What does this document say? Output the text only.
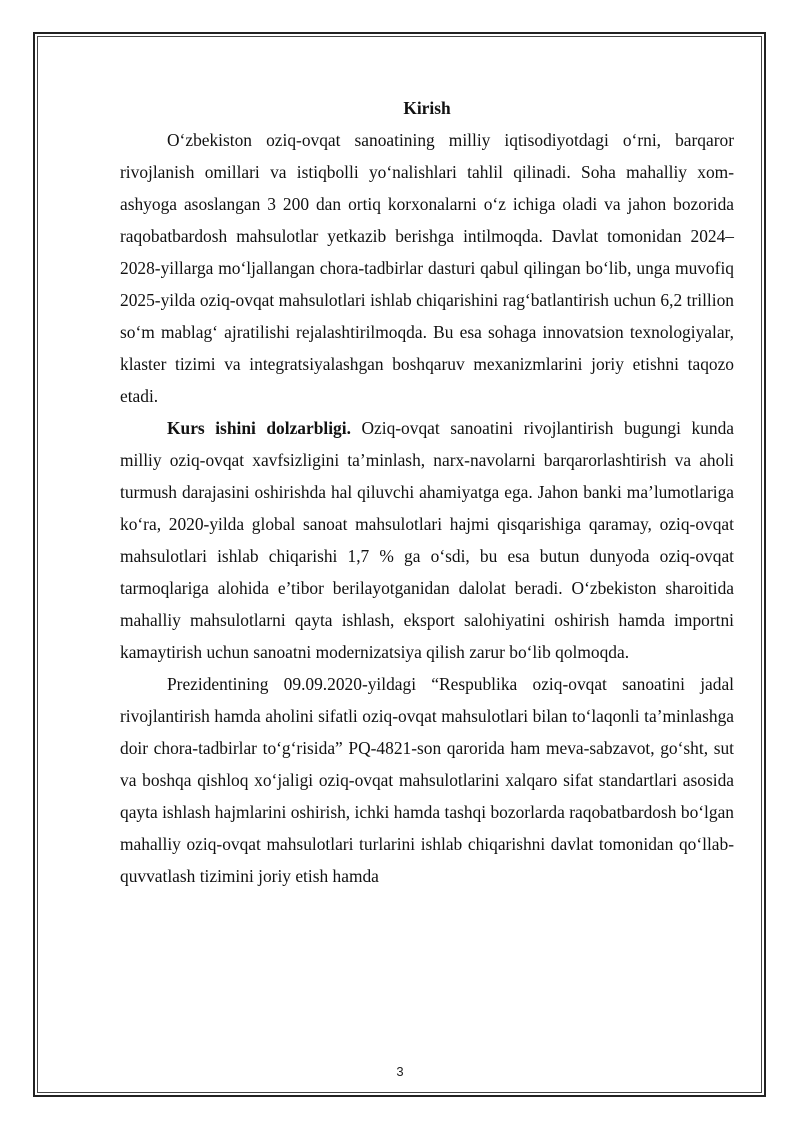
Kirish

O‘zbekiston oziq-ovqat sanoatining milliy iqtisodiyotdagi o‘rni, barqaror rivojlanish omillari va istiqbolli yo‘nalishlari tahlil qilinadi. Soha mahalliy xom-ashyoga asoslangan 3 200 dan ortiq korxonalarni o‘z ichiga oladi va jahon bozorida raqobatbardosh mahsulotlar yetkazib berishga intilmoqda. Davlat tomonidan 2024–2028-yillarga mo‘ljallangan chora-tadbirlar dasturi qabul qilingan bo‘lib, unga muvofiq 2025-yilda oziq-ovqat mahsulotlari ishlab chiqarishini rag‘batlantirish uchun 6,2 trillion so‘m mablag‘ ajratilishi rejalashtirilmoqda. Bu esa sohaga innovatsion texnologiyalar, klaster tizimi va integratsiyalashgan boshqaruv mexanizmlarini joriy etishni taqozo etadi.

Kurs ishini dolzarbligi. Oziq-ovqat sanoatini rivojlantirish bugungi kunda milliy oziq-ovqat xavfsizligini ta’minlash, narx-navolarni barqarorlashtirish va aholi turmush darajasini oshirishda hal qiluvchi ahamiyatga ega. Jahon banki ma’lumotlariga ko‘ra, 2020-yilda global sanoat mahsulotlari hajmi qisqarishiga qaramay, oziq-ovqat mahsulotlari ishlab chiqarishi 1,7 % ga o‘sdi, bu esa butun dunyoda oziq-ovqat tarmoqlariga alohida e’tibor berilayotganidan dalolat beradi. O‘zbekiston sharoitida mahalliy mahsulotlarni qayta ishlash, eksport salohiyatini oshirish hamda importni kamaytirish uchun sanoatni modernizatsiya qilish zarur bo‘lib qolmoqda.

Prezidentining 09.09.2020-yildagi “Respublika oziq-ovqat sanoatini jadal rivojlantirish hamda aholini sifatli oziq-ovqat mahsulotlari bilan to‘laqonli ta’minlashga doir chora-tadbirlar to‘g‘risida” PQ-4821-son qarorida ham meva-sabzavot, go‘sht, sut va boshqa qishloq xo‘jaligi oziq-ovqat mahsulotlarini xalqaro sifat standartlari asosida qayta ishlash hajmlarini oshirish, ichki hamda tashqi bozorlarda raqobatbardosh bo‘lgan mahalliy oziq-ovqat mahsulotlari turlarini ishlab chiqarishni davlat tomonidan qo‘llab-quvvatlash tizimini joriy etish hamda

3
